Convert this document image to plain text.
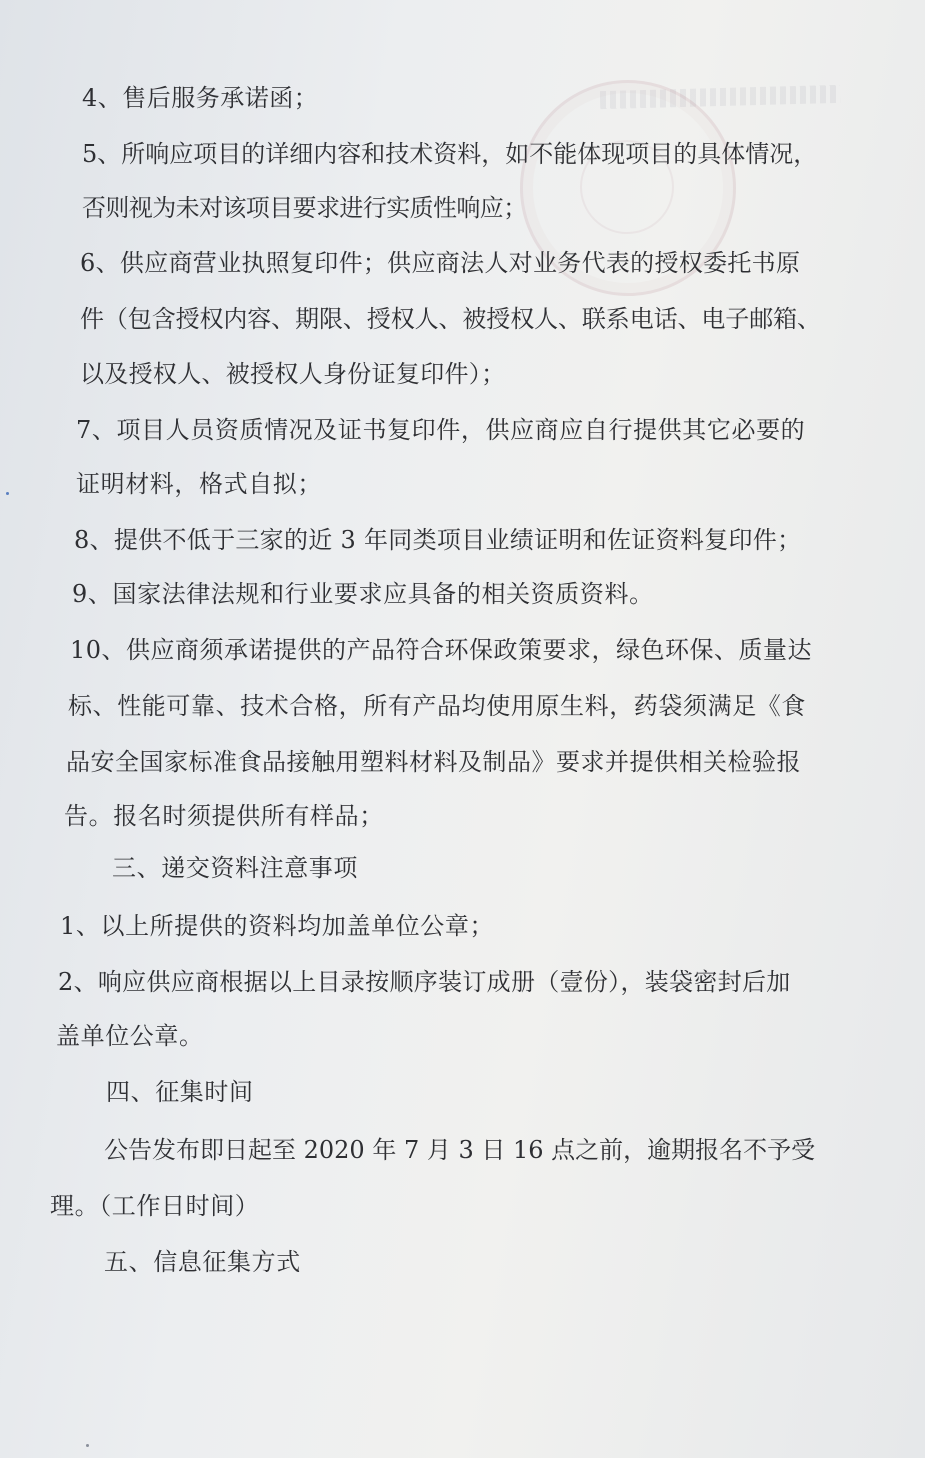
4、售后服务承诺函；

5、所响应项目的详细内容和技术资料，如不能体现项目的具体情况，

否则视为未对该项目要求进行实质性响应；

6、供应商营业执照复印件；供应商法人对业务代表的授权委托书原

件（包含授权内容、期限、授权人、被授权人、联系电话、电子邮箱、

以及授权人、被授权人身份证复印件）；

7、项目人员资质情况及证书复印件，供应商应自行提供其它必要的

证明材料，格式自拟；

8、提供不低于三家的近 3 年同类项目业绩证明和佐证资料复印件；

9、国家法律法规和行业要求应具备的相关资质资料。

10、供应商须承诺提供的产品符合环保政策要求，绿色环保、质量达

标、性能可靠、技术合格，所有产品均使用原生料，药袋须满足《食

品安全国家标准食品接触用塑料材料及制品》要求并提供相关检验报

告。报名时须提供所有样品；

三、递交资料注意事项

1、以上所提供的资料均加盖单位公章；

2、响应供应商根据以上目录按顺序装订成册（壹份），装袋密封后加

盖单位公章。

四、征集时间

公告发布即日起至 2020 年 7 月 3 日 16 点之前，逾期报名不予受

理。（工作日时间）

五、信息征集方式
